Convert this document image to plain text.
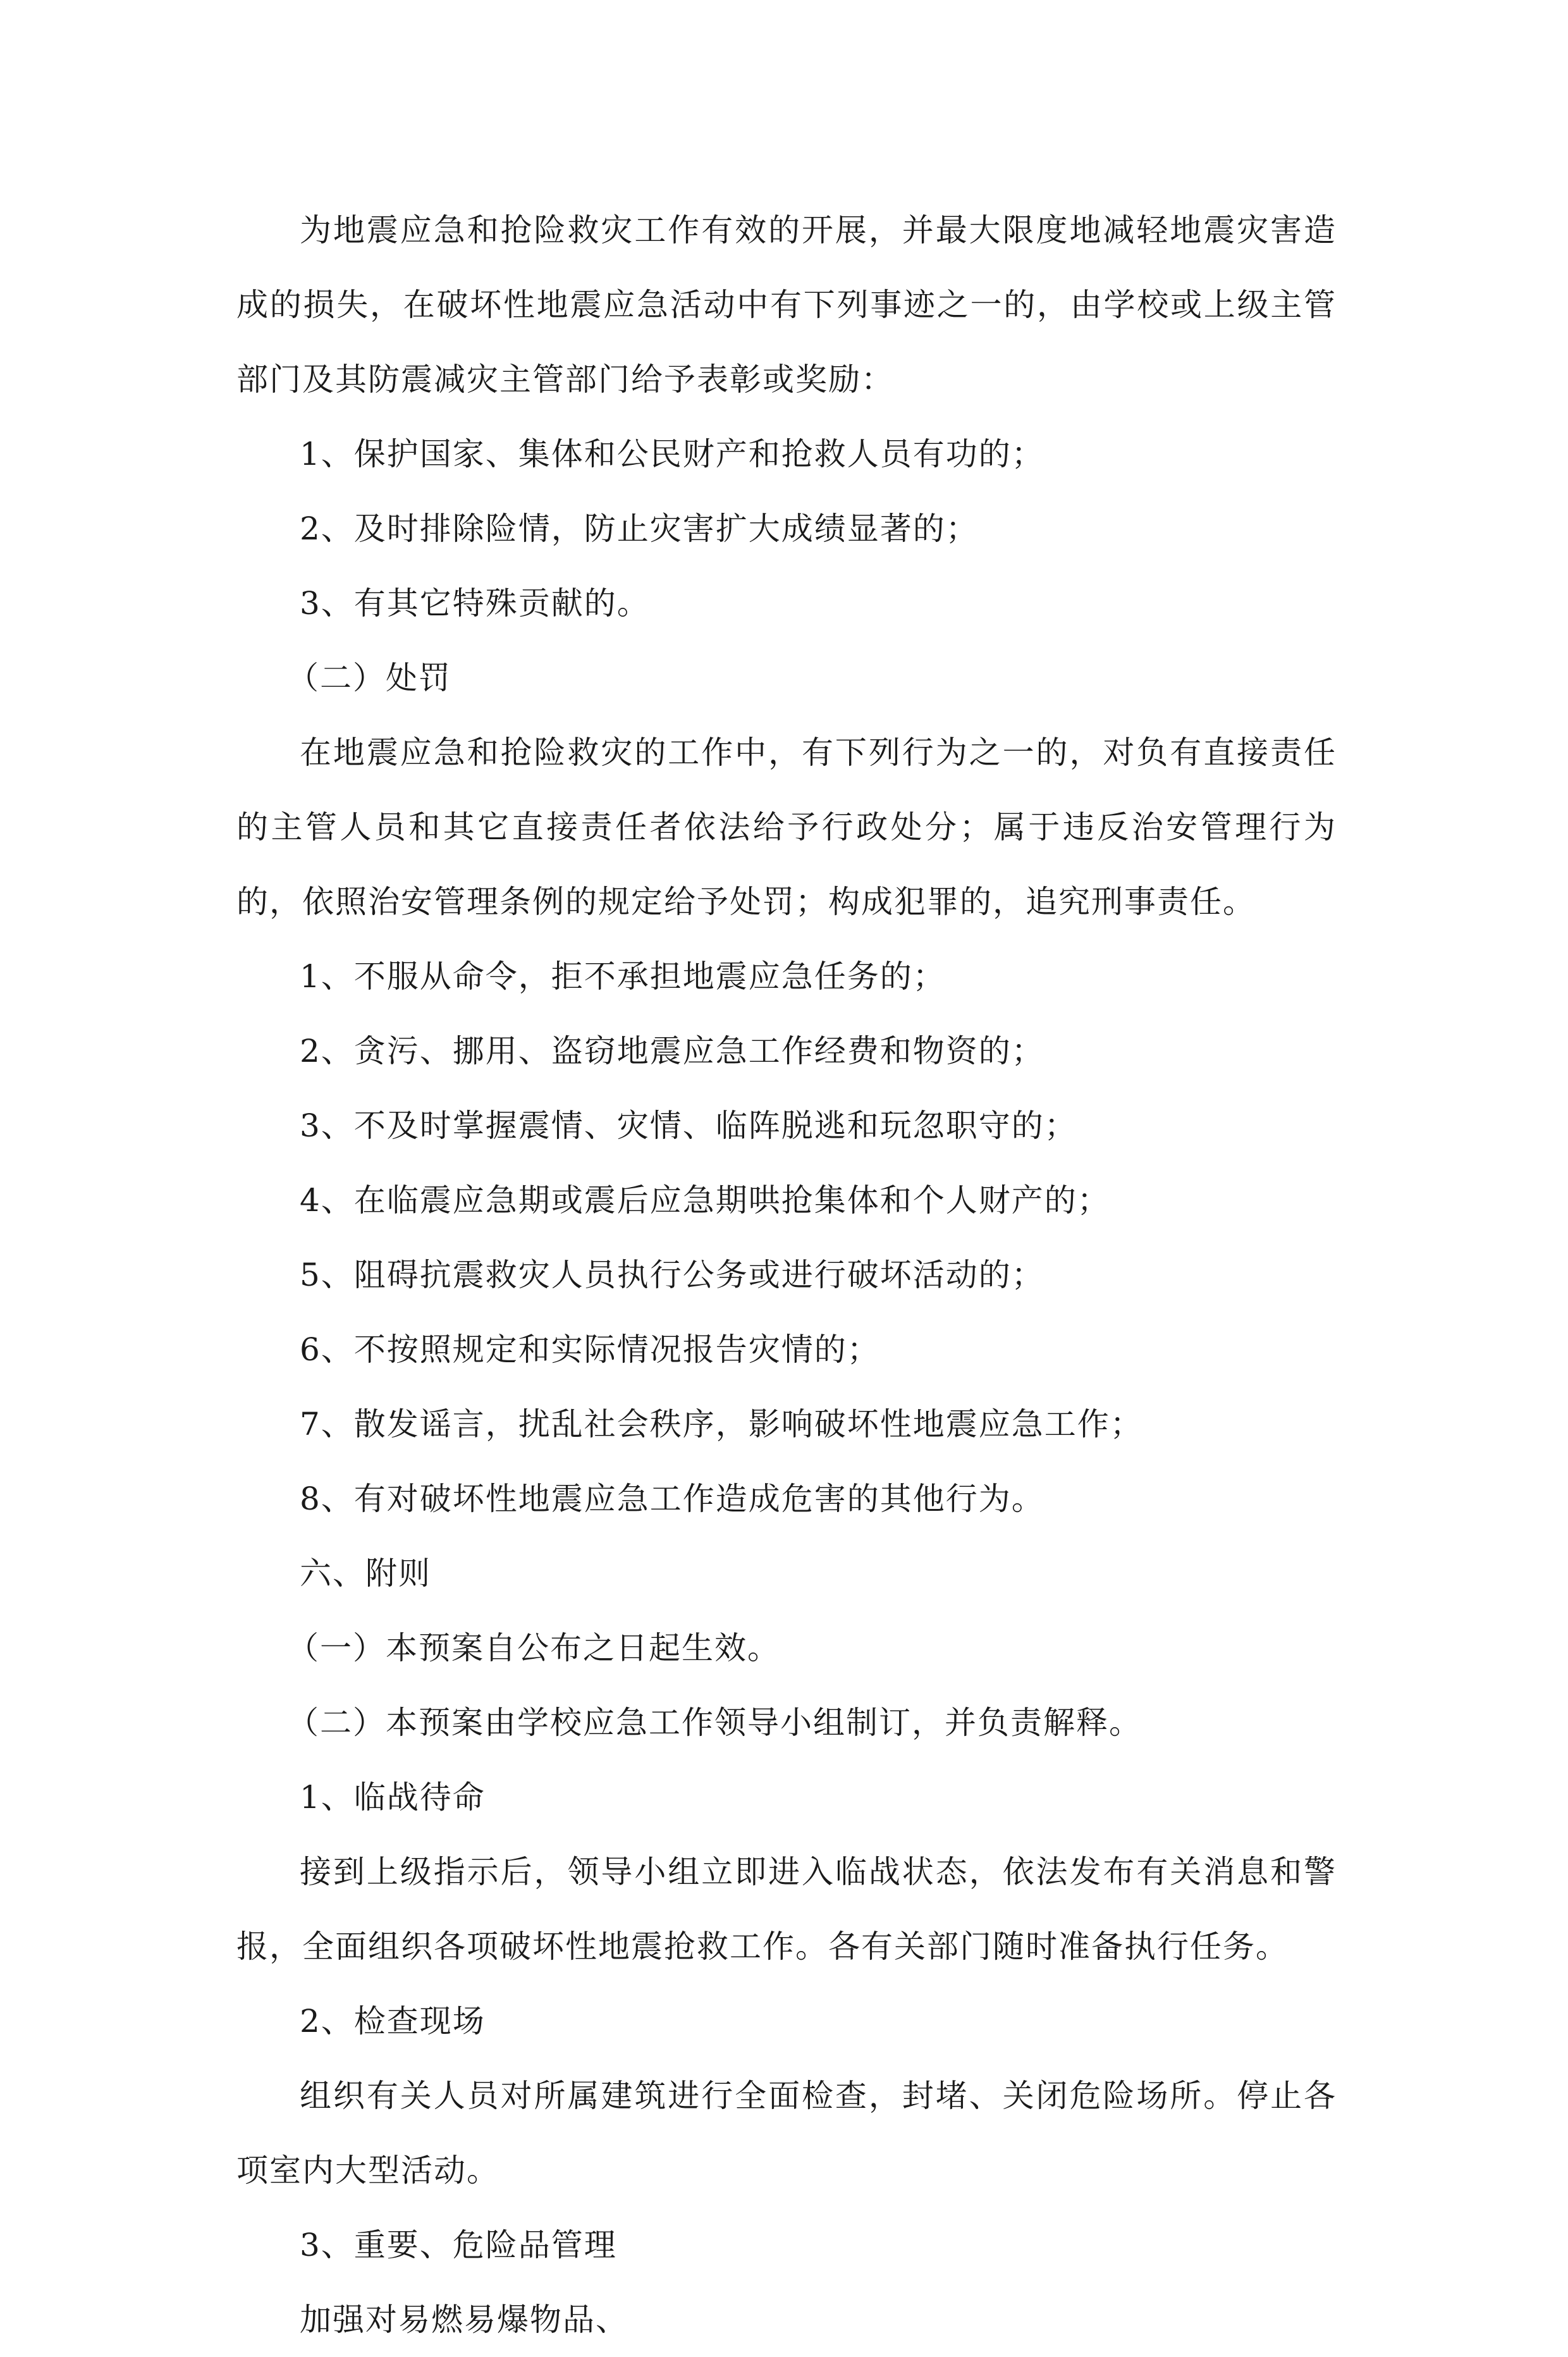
为地震应急和抢险救灾工作有效的开展，并最大限度地减轻地震灾害造成的损失，在破坏性地震应急活动中有下列事迹之一的，由学校或上级主管部门及其防震减灾主管部门给予表彰或奖励：

1、保护国家、集体和公民财产和抢救人员有功的；

2、及时排除险情，防止灾害扩大成绩显著的；

3、有其它特殊贡献的。

（二）处罚

在地震应急和抢险救灾的工作中，有下列行为之一的，对负有直接责任的主管人员和其它直接责任者依法给予行政处分；属于违反治安管理行为的，依照治安管理条例的规定给予处罚；构成犯罪的，追究刑事责任。

1、不服从命令，拒不承担地震应急任务的；

2、贪污、挪用、盗窃地震应急工作经费和物资的；

3、不及时掌握震情、灾情、临阵脱逃和玩忽职守的；

4、在临震应急期或震后应急期哄抢集体和个人财产的；

5、阻碍抗震救灾人员执行公务或进行破坏活动的；

6、不按照规定和实际情况报告灾情的；

7、散发谣言，扰乱社会秩序，影响破坏性地震应急工作；

8、有对破坏性地震应急工作造成危害的其他行为。

六、附则

（一）本预案自公布之日起生效。

（二）本预案由学校应急工作领导小组制订，并负责解释。

1、临战待命

接到上级指示后，领导小组立即进入临战状态，依法发布有关消息和警报，全面组织各项破坏性地震抢救工作。各有关部门随时准备执行任务。

2、检查现场

组织有关人员对所属建筑进行全面检查，封堵、关闭危险场所。停止各项室内大型活动。

3、重要、危险品管理

加强对易燃易爆物品、
